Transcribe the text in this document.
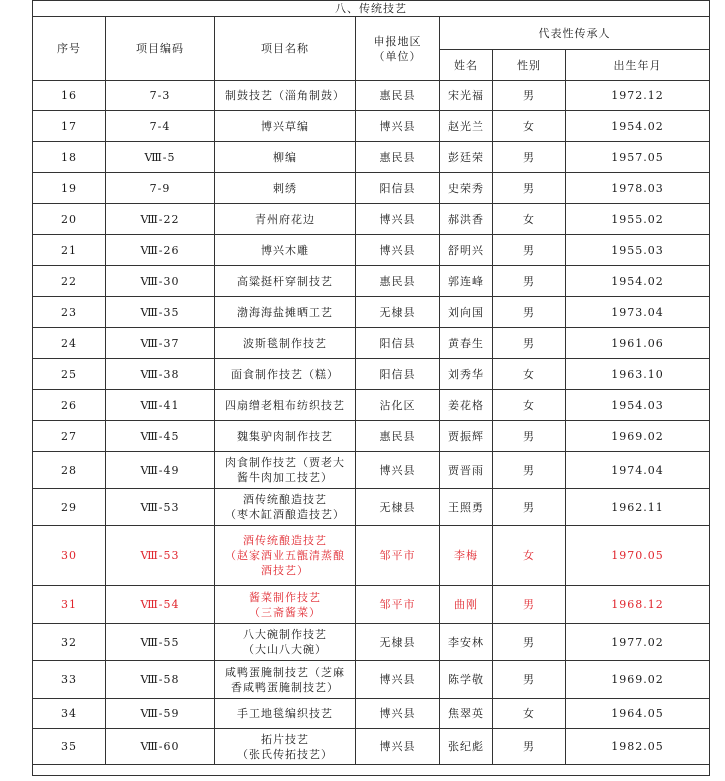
八、传统技艺						
序号	项目编码	项目名称	申报地区
（单位）	代表性传承人		
				姓名	性别	出生年月
16	7-3	制鼓技艺（淄角制鼓）	惠民县	宋光福	男	1972.12
17	7-4	博兴草编	博兴县	赵光兰	女	1954.02
18	Ⅷ-5	柳编	惠民县	彭廷荣	男	1957.05
19	7-9	剌绣	阳信县	史荣秀	男	1978.03
20	Ⅷ-22	青州府花边	博兴县	郝洪香	女	1955.02
21	Ⅷ-26	博兴木雕	博兴县	舒明兴	男	1955.03
22	Ⅷ-30	高粱挺杆穿制技艺	惠民县	郭连峰	男	1954.02
23	Ⅷ-35	渤海海盐摊晒工艺	无棣县	刘向国	男	1973.04
24	Ⅷ-37	波斯毯制作技艺	阳信县	黄春生	男	1961.06
25	Ⅷ-38	面食制作技艺（糕）	阳信县	刘秀华	女	1963.10
26	Ⅷ-41	四扇缯老粗布纺织技艺	沾化区	姜花格	女	1954.03
27	Ⅷ-45	魏集驴肉制作技艺	惠民县	贾振辉	男	1969.02
28	Ⅷ-49	肉食制作技艺（贾老大
酱牛肉加工技艺）	博兴县	贾晋雨	男	1974.04
29	Ⅷ-53	酒传统酿造技艺
（枣木缸酒酿造技艺）	无棣县	王照勇	男	1962.11
30	Ⅷ-53	酒传统酿造技艺
（赵家酒业五甑清蒸酿
酒技艺）	邹平市	李梅	女	1970.05
31	Ⅷ-54	酱菜制作技艺
（三斋酱菜）	邹平市	曲刚	男	1968.12
32	Ⅷ-55	八大碗制作技艺
（大山八大碗）	无棣县	李安林	男	1977.02
33	Ⅷ-58	咸鸭蛋腌制技艺（芝麻
香咸鸭蛋腌制技艺）	博兴县	陈学敬	男	1969.02
34	Ⅷ-59	手工地毯编织技艺	博兴县	焦翠英	女	1964.05
35	Ⅷ-60	拓片技艺
（张氏传拓技艺）	博兴县	张纪彪	男	1982.05
